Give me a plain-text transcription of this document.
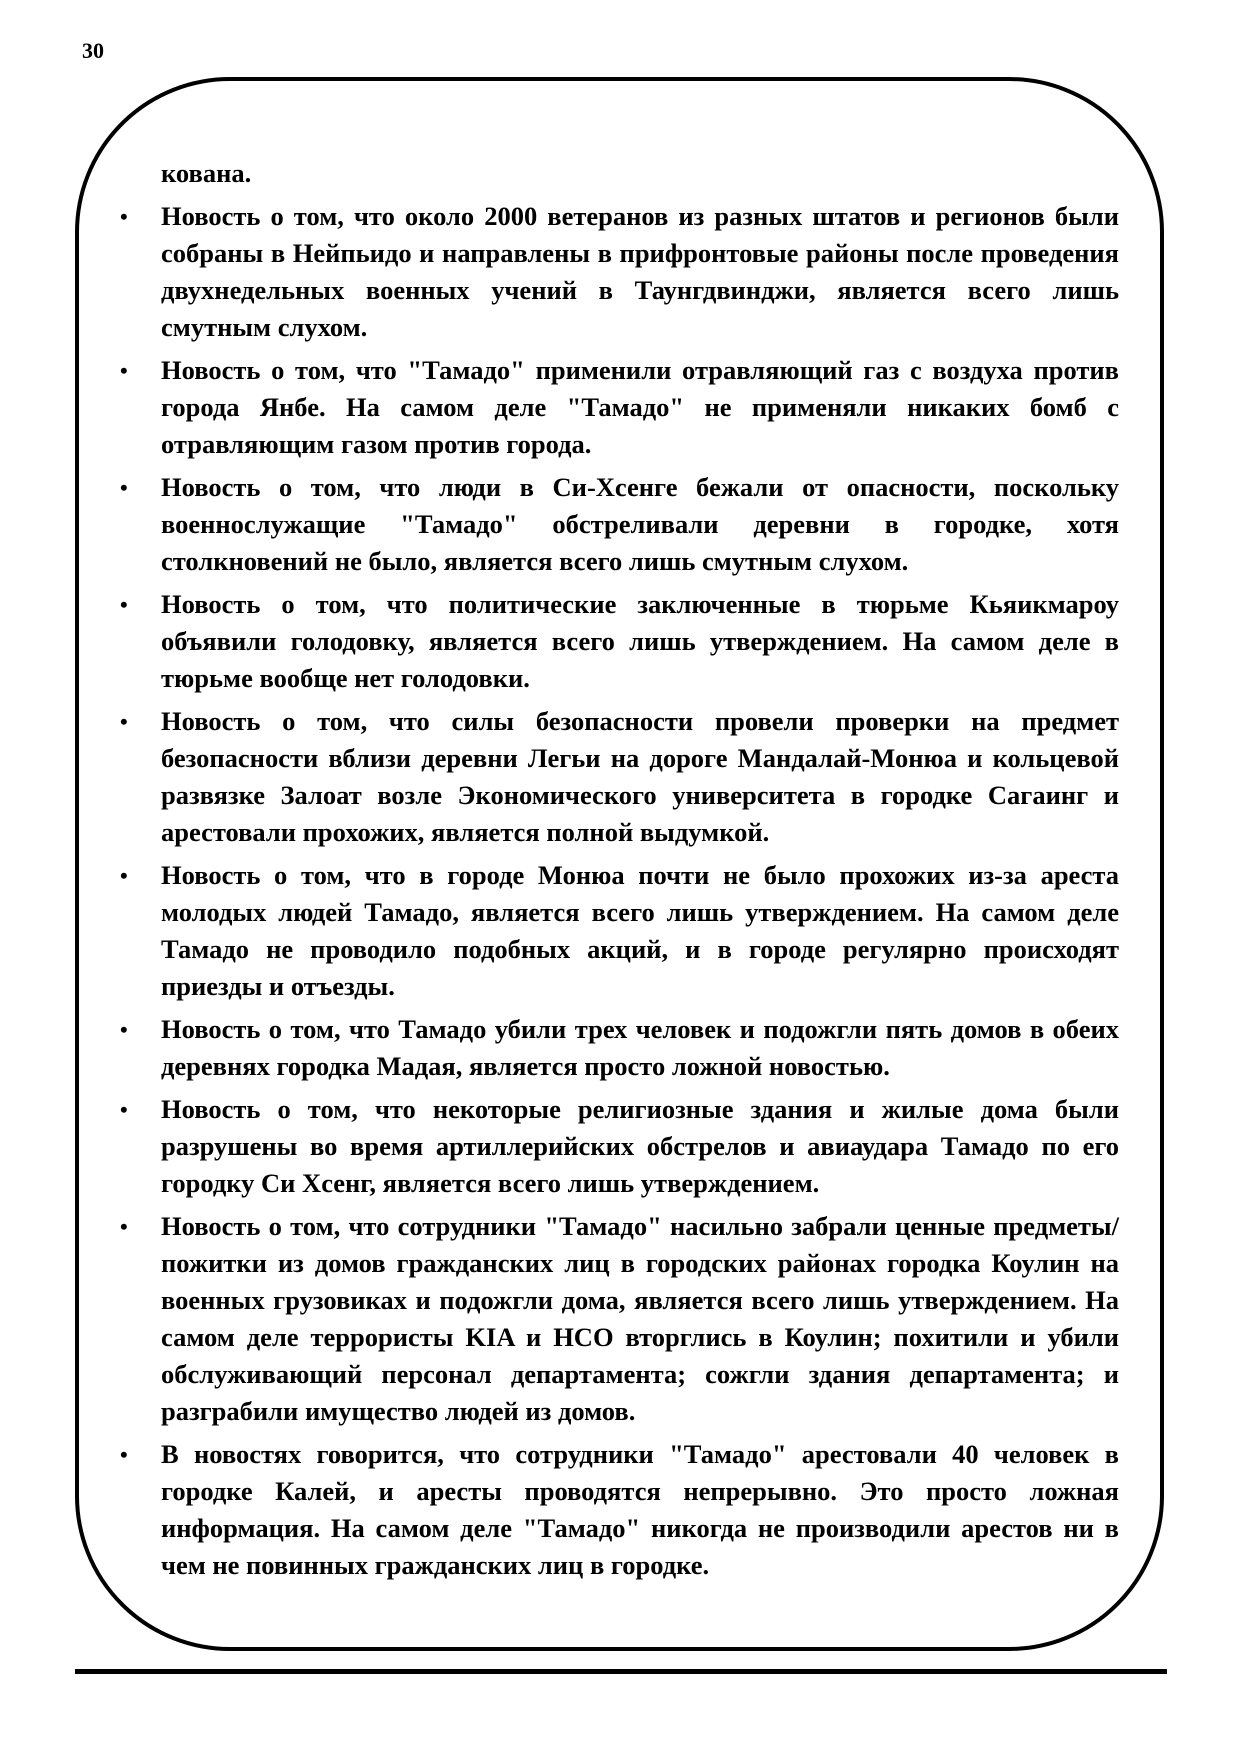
30

кована.

• Новость о том, что около 2000 ветеранов из разных штатов и регионов были собраны в Нейпьидо и направлены в прифронтовые районы после проведения двухнедельных военных учений в Таунгдвинджи, является всего лишь смутным слухом.
• Новость о том, что "Тамадо" применили отравляющий газ с воздуха против города Янбе. На самом деле "Тамадо" не применяли никаких бомб с отравляющим газом против города.
• Новость о том, что люди в Си-Хсенге бежали от опасности, поскольку военнослужащие "Тамадо" обстреливали деревни в городке, хотя столкновений не было, является всего лишь смутным слухом.
• Новость о том, что политические заключенные в тюрьме Кьяикмароу объявили голодовку, является всего лишь утверждением. На самом деле в тюрьме вообще нет голодовки.
• Новость о том, что силы безопасности провели проверки на предмет безопасности вблизи деревни Легьи на дороге Мандалай-Монюа и кольцевой развязке Залоат возле Экономического университета в городке Сагаинг и арестовали прохожих, является полной выдумкой.
• Новость о том, что в городе Монюа почти не было прохожих из-за ареста молодых людей Тамадо, является всего лишь утверждением. На самом деле Тамадо не проводило подобных акций, и в городе регулярно происходят приезды и отъезды.
• Новость о том, что Тамадо убили трех человек и подожгли пять домов в обеих деревнях городка Мадая, является просто ложной новостью.
• Новость о том, что некоторые религиозные здания и жилые дома были разрушены во время артиллерийских обстрелов и авиаудара Тамадо по его городку Си Хсенг, является всего лишь утверждением.
• Новость о том, что сотрудники "Тамадо" насильно забрали ценные предметы/пожитки из домов гражданских лиц в городских районах городка Коулин на военных грузовиках и подожгли дома, является всего лишь утверждением. На самом деле террористы KIA и НСО вторглись в Коулин; похитили и убили обслуживающий персонал департамента; сожгли здания департамента; и разграбили имущество людей из домов.
• В новостях говорится, что сотрудники "Тамадо" арестовали 40 человек в городке Калей, и аресты проводятся непрерывно. Это просто ложная информация. На самом деле "Тамадо" никогда не производили арестов ни в чем не повинных гражданских лиц в городке.
